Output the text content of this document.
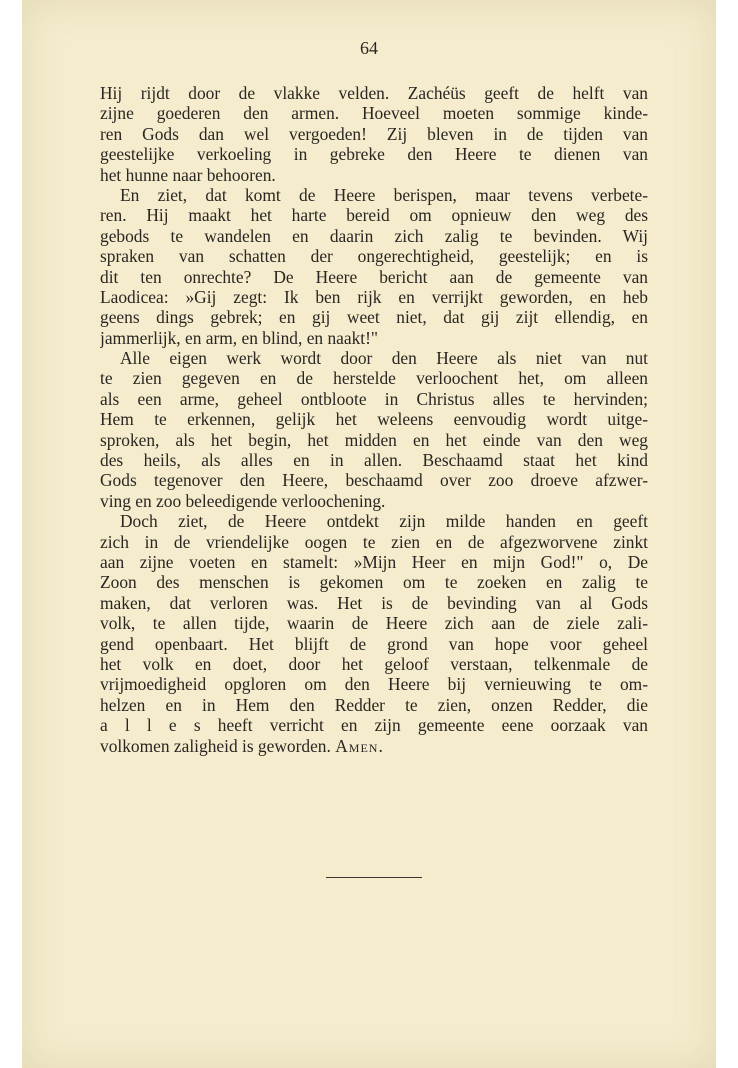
64
Hij rijdt door de vlakke velden. Zachéüs geeft de helft van
zijne goederen den armen. Hoeveel moeten sommige kinde-
ren Gods dan wel vergoeden! Zij bleven in de tijden van
geestelijke verkoeling in gebreke den Heere te dienen van
het hunne naar behooren.
En ziet, dat komt de Heere berispen, maar tevens verbete-
ren. Hij maakt het harte bereid om opnieuw den weg des
gebods te wandelen en daarin zich zalig te bevinden. Wij
spraken van schatten der ongerechtigheid, geestelijk; en is
dit ten onrechte? De Heere bericht aan de gemeente van
Laodicea: »Gij zegt: Ik ben rijk en verrijkt geworden, en heb
geens dings gebrek; en gij weet niet, dat gij zijt ellendig, en
jammerlijk, en arm, en blind, en naakt!"
Alle eigen werk wordt door den Heere als niet van nut
te zien gegeven en de herstelde verloochent het, om alleen
als een arme, geheel ontbloote in Christus alles te hervinden;
Hem te erkennen, gelijk het weleens eenvoudig wordt uitge-
sproken, als het begin, het midden en het einde van den weg
des heils, als alles en in allen. Beschaamd staat het kind
Gods tegenover den Heere, beschaamd over zoo droeve afzwer-
ving en zoo beleedigende verloochening.
Doch ziet, de Heere ontdekt zijn milde handen en geeft
zich in de vriendelijke oogen te zien en de afgezworvene zinkt
aan zijne voeten en stamelt: »Mijn Heer en mijn God!" o, De
Zoon des menschen is gekomen om te zoeken en zalig te
maken, dat verloren was. Het is de bevinding van al Gods
volk, te allen tijde, waarin de Heere zich aan de ziele zali-
gend openbaart. Het blijft de grond van hope voor geheel
het volk en doet, door het geloof verstaan, telkenmale de
vrijmoedigheid opgloren om den Heere bij vernieuwing te om-
helzen en in Hem den Redder te zien, onzen Redder, die
a l l e s heeft verricht en zijn gemeente eene oorzaak van
volkomen zaligheid is geworden. Amen.
